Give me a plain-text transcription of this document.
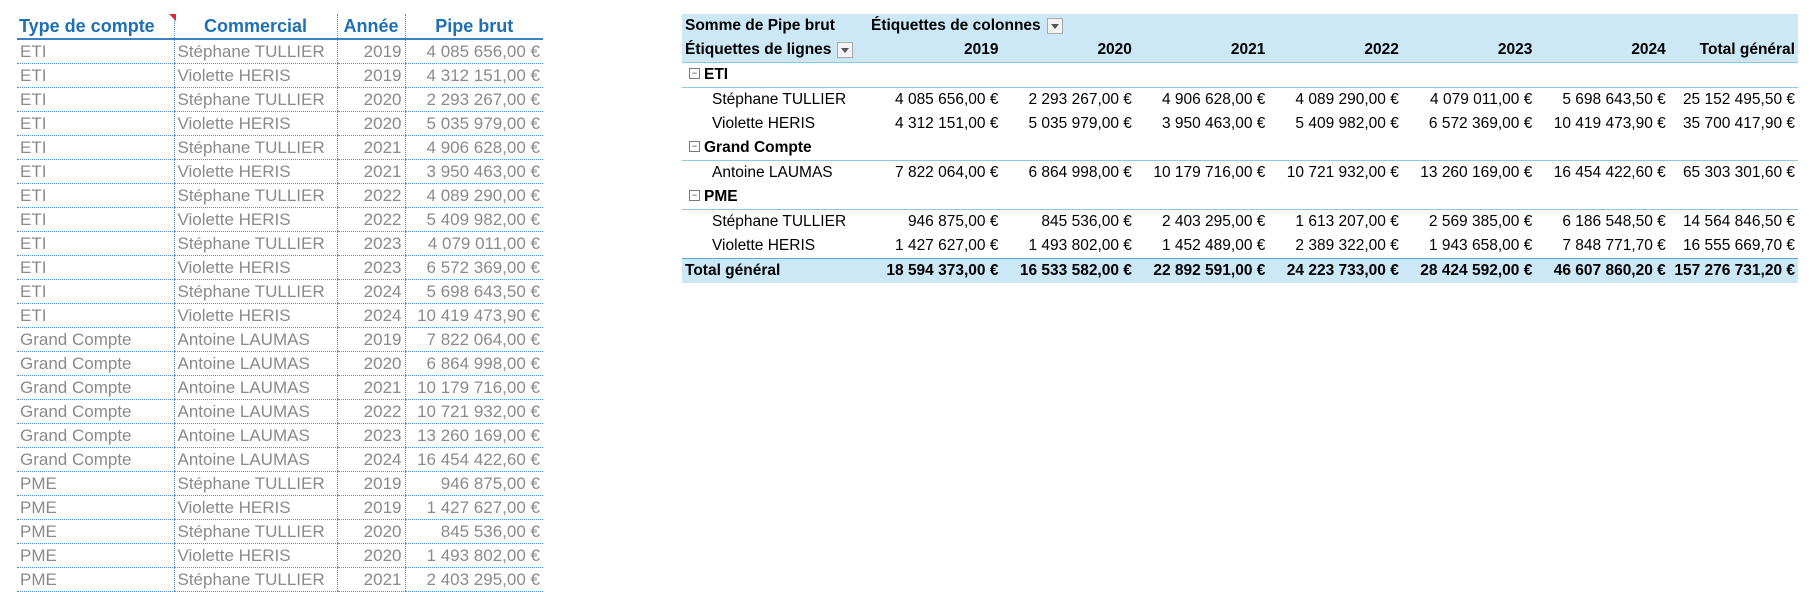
Type de compte	Commercial	Année	Pipe brut
ETI	Stéphane TULLIER	2019	4 085 656,00 €
ETI	Violette HERIS	2019	4 312 151,00 €
ETI	Stéphane TULLIER	2020	2 293 267,00 €
ETI	Violette HERIS	2020	5 035 979,00 €
ETI	Stéphane TULLIER	2021	4 906 628,00 €
ETI	Violette HERIS	2021	3 950 463,00 €
ETI	Stéphane TULLIER	2022	4 089 290,00 €
ETI	Violette HERIS	2022	5 409 982,00 €
ETI	Stéphane TULLIER	2023	4 079 011,00 €
ETI	Violette HERIS	2023	6 572 369,00 €
ETI	Stéphane TULLIER	2024	5 698 643,50 €
ETI	Violette HERIS	2024	10 419 473,90 €
Grand Compte	Antoine LAUMAS	2019	7 822 064,00 €
Grand Compte	Antoine LAUMAS	2020	6 864 998,00 €
Grand Compte	Antoine LAUMAS	2021	10 179 716,00 €
Grand Compte	Antoine LAUMAS	2022	10 721 932,00 €
Grand Compte	Antoine LAUMAS	2023	13 260 169,00 €
Grand Compte	Antoine LAUMAS	2024	16 454 422,60 €
PME	Stéphane TULLIER	2019	946 875,00 €
PME	Violette HERIS	2019	1 427 627,00 €
PME	Stéphane TULLIER	2020	845 536,00 €
PME	Violette HERIS	2020	1 493 802,00 €
PME	Stéphane TULLIER	2021	2 403 295,00 €
Somme de Pipe brut	Étiquettes de colonnes						
Étiquettes de lignes	2019	2020	2021	2022	2023	2024	Total général
− ETI							
Stéphane TULLIER	4 085 656,00 €	2 293 267,00 €	4 906 628,00 €	4 089 290,00 €	4 079 011,00 €	5 698 643,50 €	25 152 495,50 €
Violette HERIS	4 312 151,00 €	5 035 979,00 €	3 950 463,00 €	5 409 982,00 €	6 572 369,00 €	10 419 473,90 €	35 700 417,90 €
− Grand Compte							
Antoine LAUMAS	7 822 064,00 €	6 864 998,00 €	10 179 716,00 €	10 721 932,00 €	13 260 169,00 €	16 454 422,60 €	65 303 301,60 €
− PME							
Stéphane TULLIER	946 875,00 €	845 536,00 €	2 403 295,00 €	1 613 207,00 €	2 569 385,00 €	6 186 548,50 €	14 564 846,50 €
Violette HERIS	1 427 627,00 €	1 493 802,00 €	1 452 489,00 €	2 389 322,00 €	1 943 658,00 €	7 848 771,70 €	16 555 669,70 €
Total général	18 594 373,00 €	16 533 582,00 €	22 892 591,00 €	24 223 733,00 €	28 424 592,00 €	46 607 860,20 €	157 276 731,20 €
